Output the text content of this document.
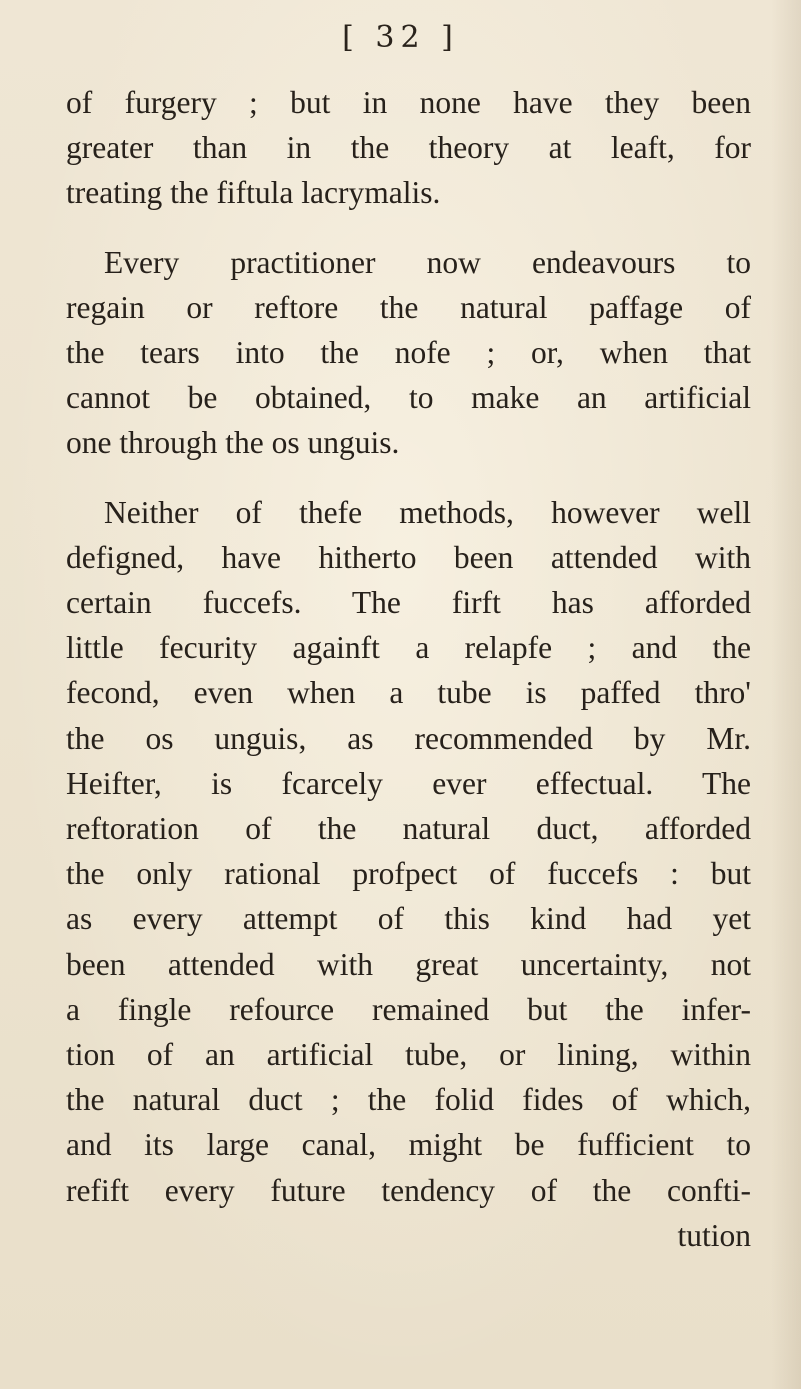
[ 32 ]
of furgery ; but in none have they been
greater than in the theory at leaft, for
treating the fiftula lacrymalis.
Every practitioner now endeavours to
regain or reftore the natural paffage of
the tears into the nofe ; or, when that
cannot be obtained, to make an artificial
one through the os unguis.
Neither of thefe methods, however well
defigned, have hitherto been attended with
certain fuccefs. The firft has afforded
little fecurity againft a relapfe ; and the
fecond, even when a tube is paffed thro'
the os unguis, as recommended by Mr.
Heifter, is fcarcely ever effectual. The
reftoration of the natural duct, afforded
the only rational profpect of fuccefs : but
as every attempt of this kind had yet
been attended with great uncertainty, not
a fingle refource remained but the infer-
tion of an artificial tube, or lining, within
the natural duct ; the folid fides of which,
and its large canal, might be fufficient to
refift every future tendency of the confti-
tution
